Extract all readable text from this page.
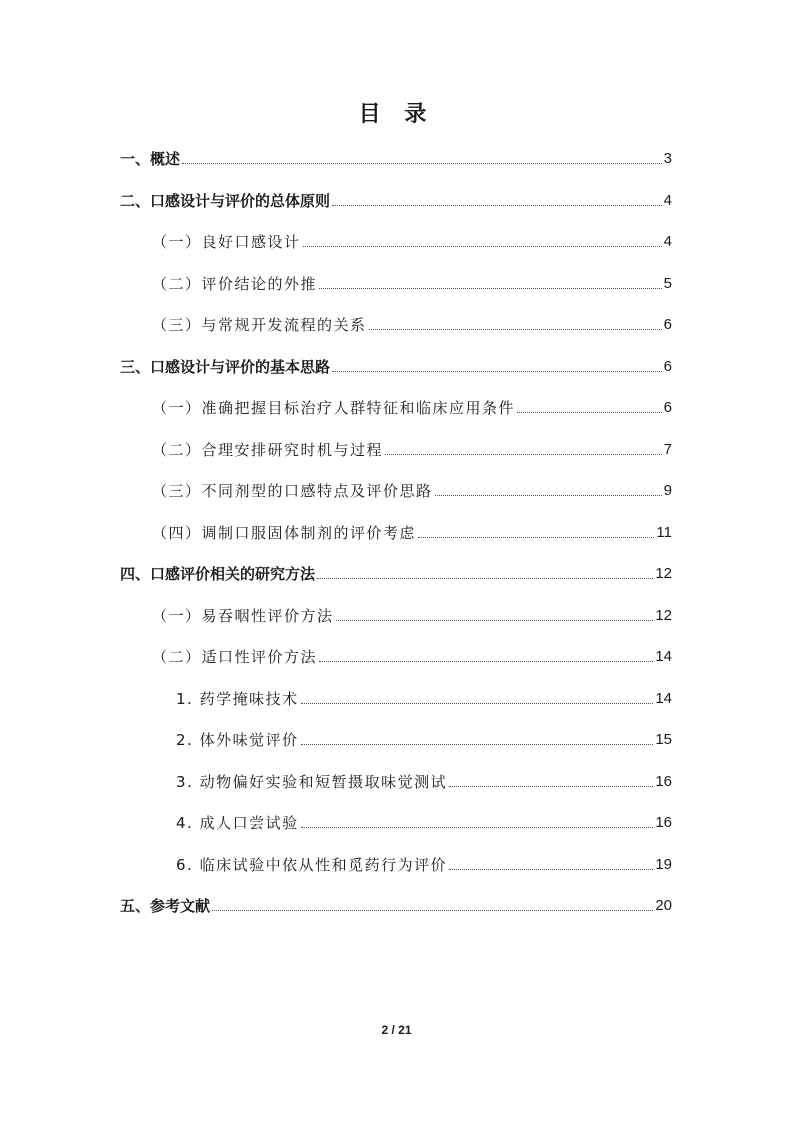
目 录
一、概述	3
二、口感设计与评价的总体原则	4
（一）良好口感设计	4
（二）评价结论的外推	5
（三）与常规开发流程的关系	6
三、口感设计与评价的基本思路	6
（一）准确把握目标治疗人群特征和临床应用条件	6
（二）合理安排研究时机与过程	7
（三）不同剂型的口感特点及评价思路	9
（四）调制口服固体制剂的评价考虑	11
四、口感评价相关的研究方法	12
（一）易吞咽性评价方法	12
（二）适口性评价方法	14
1. 药学掩味技术	14
2. 体外味觉评价	15
3. 动物偏好实验和短暂摄取味觉测试	16
4. 成人口尝试验	16
6. 临床试验中依从性和觅药行为评价	19
五、参考文献	20
2 / 21
